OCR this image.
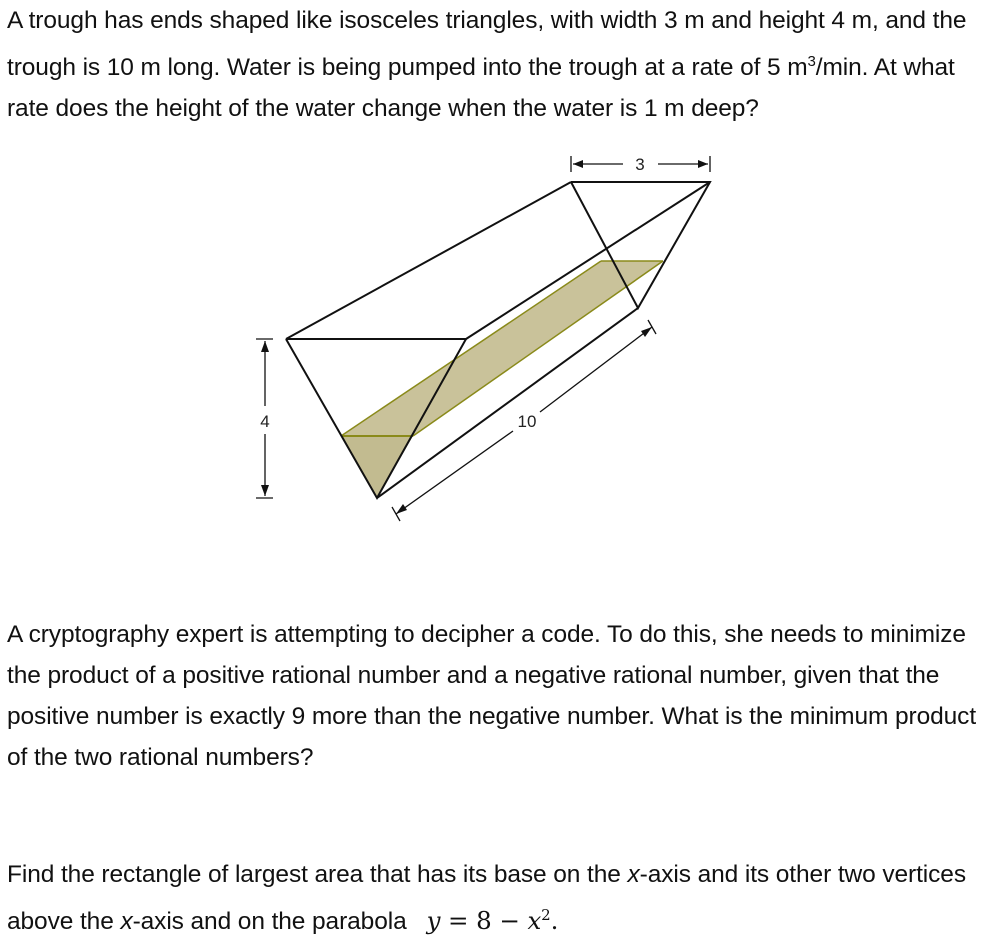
A trough has ends shaped like isosceles triangles, with width 3 m and height 4 m, and the trough is 10 m long. Water is being pumped into the trough at a rate of 5 $m^3/\min$. At what rate does the height of the water change when the water is 1 m deep?

3
4	10

A cryptography expert is attempting to decipher a code. To do this, she needs to minimize the product of a positive rational number and a negative rational number, given that the positive number is exactly 9 more than the negative number. What is the minimum product of the two rational numbers?

Find the rectangle of largest area that has its base on the x-axis and its other two vertices above the x-axis and on the parabola $y = 8 - x^2$.
